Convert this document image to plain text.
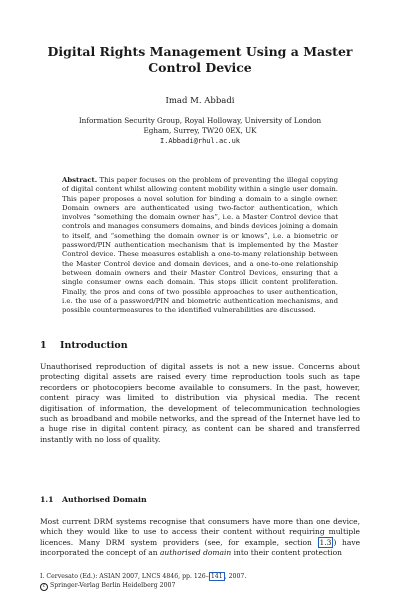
Digital Rights Management Using a Master
Control Device
Imad M. Abbadi
Information Security Group, Royal Holloway, University of London
Egham, Surrey, TW20 0EX, UK
I.Abbadi@rhul.ac.uk
Abstract. This paper focuses on the problem of preventing the illegal copying of digital content whilst allowing content mobility within a single user domain. This paper proposes a novel solution for binding a domain to a single owner. Domain owners are authenticated using two-factor authentication, which involves “something the domain owner has”, i.e. a Master Control device that controls and manages consumers domains, and binds devices joining a domain to itself, and “something the domain owner is or knows”, i.e. a biometric or password/PIN authentication mechanism that is implemented by the Master Control device. These measures establish a one-to-many relationship between the Master Control device and domain devices, and a one-to-one relationship between domain owners and their Master Control Devices, ensuring that a single consumer owns each domain. This stops illicit content proliferation. Finally, the pros and cons of two possible approaches to user authentication, i.e. the use of a password/PIN and biometric authentication mechanisms, and possible countermeasures to the identified vulnerabilities are discussed.
1 Introduction
Unauthorised reproduction of digital assets is not a new issue. Concerns about protecting digital assets are raised every time reproduction tools such as tape recorders or photocopiers become available to consumers. In the past, however, content piracy was limited to distribution via physical media. The recent digitisation of information, the development of telecommunication technologies such as broadband and mobile networks, and the spread of the Internet have led to a huge rise in digital content piracy, as content can be shared and transferred instantly with no loss of quality.
1.1 Authorised Domain
Most current DRM systems recognise that consumers have more than one device, which they would like to use to access their content without requiring multiple licences. Many DRM system providers (see, for example, section 1.3 ) have incorporated the concept of an authorised domain into their content protection
I. Cervesato (Ed.): ASIAN 2007, LNCS 4846, pp. 126– 141 , 2007.
c Springer-Verlag Berlin Heidelberg 2007
